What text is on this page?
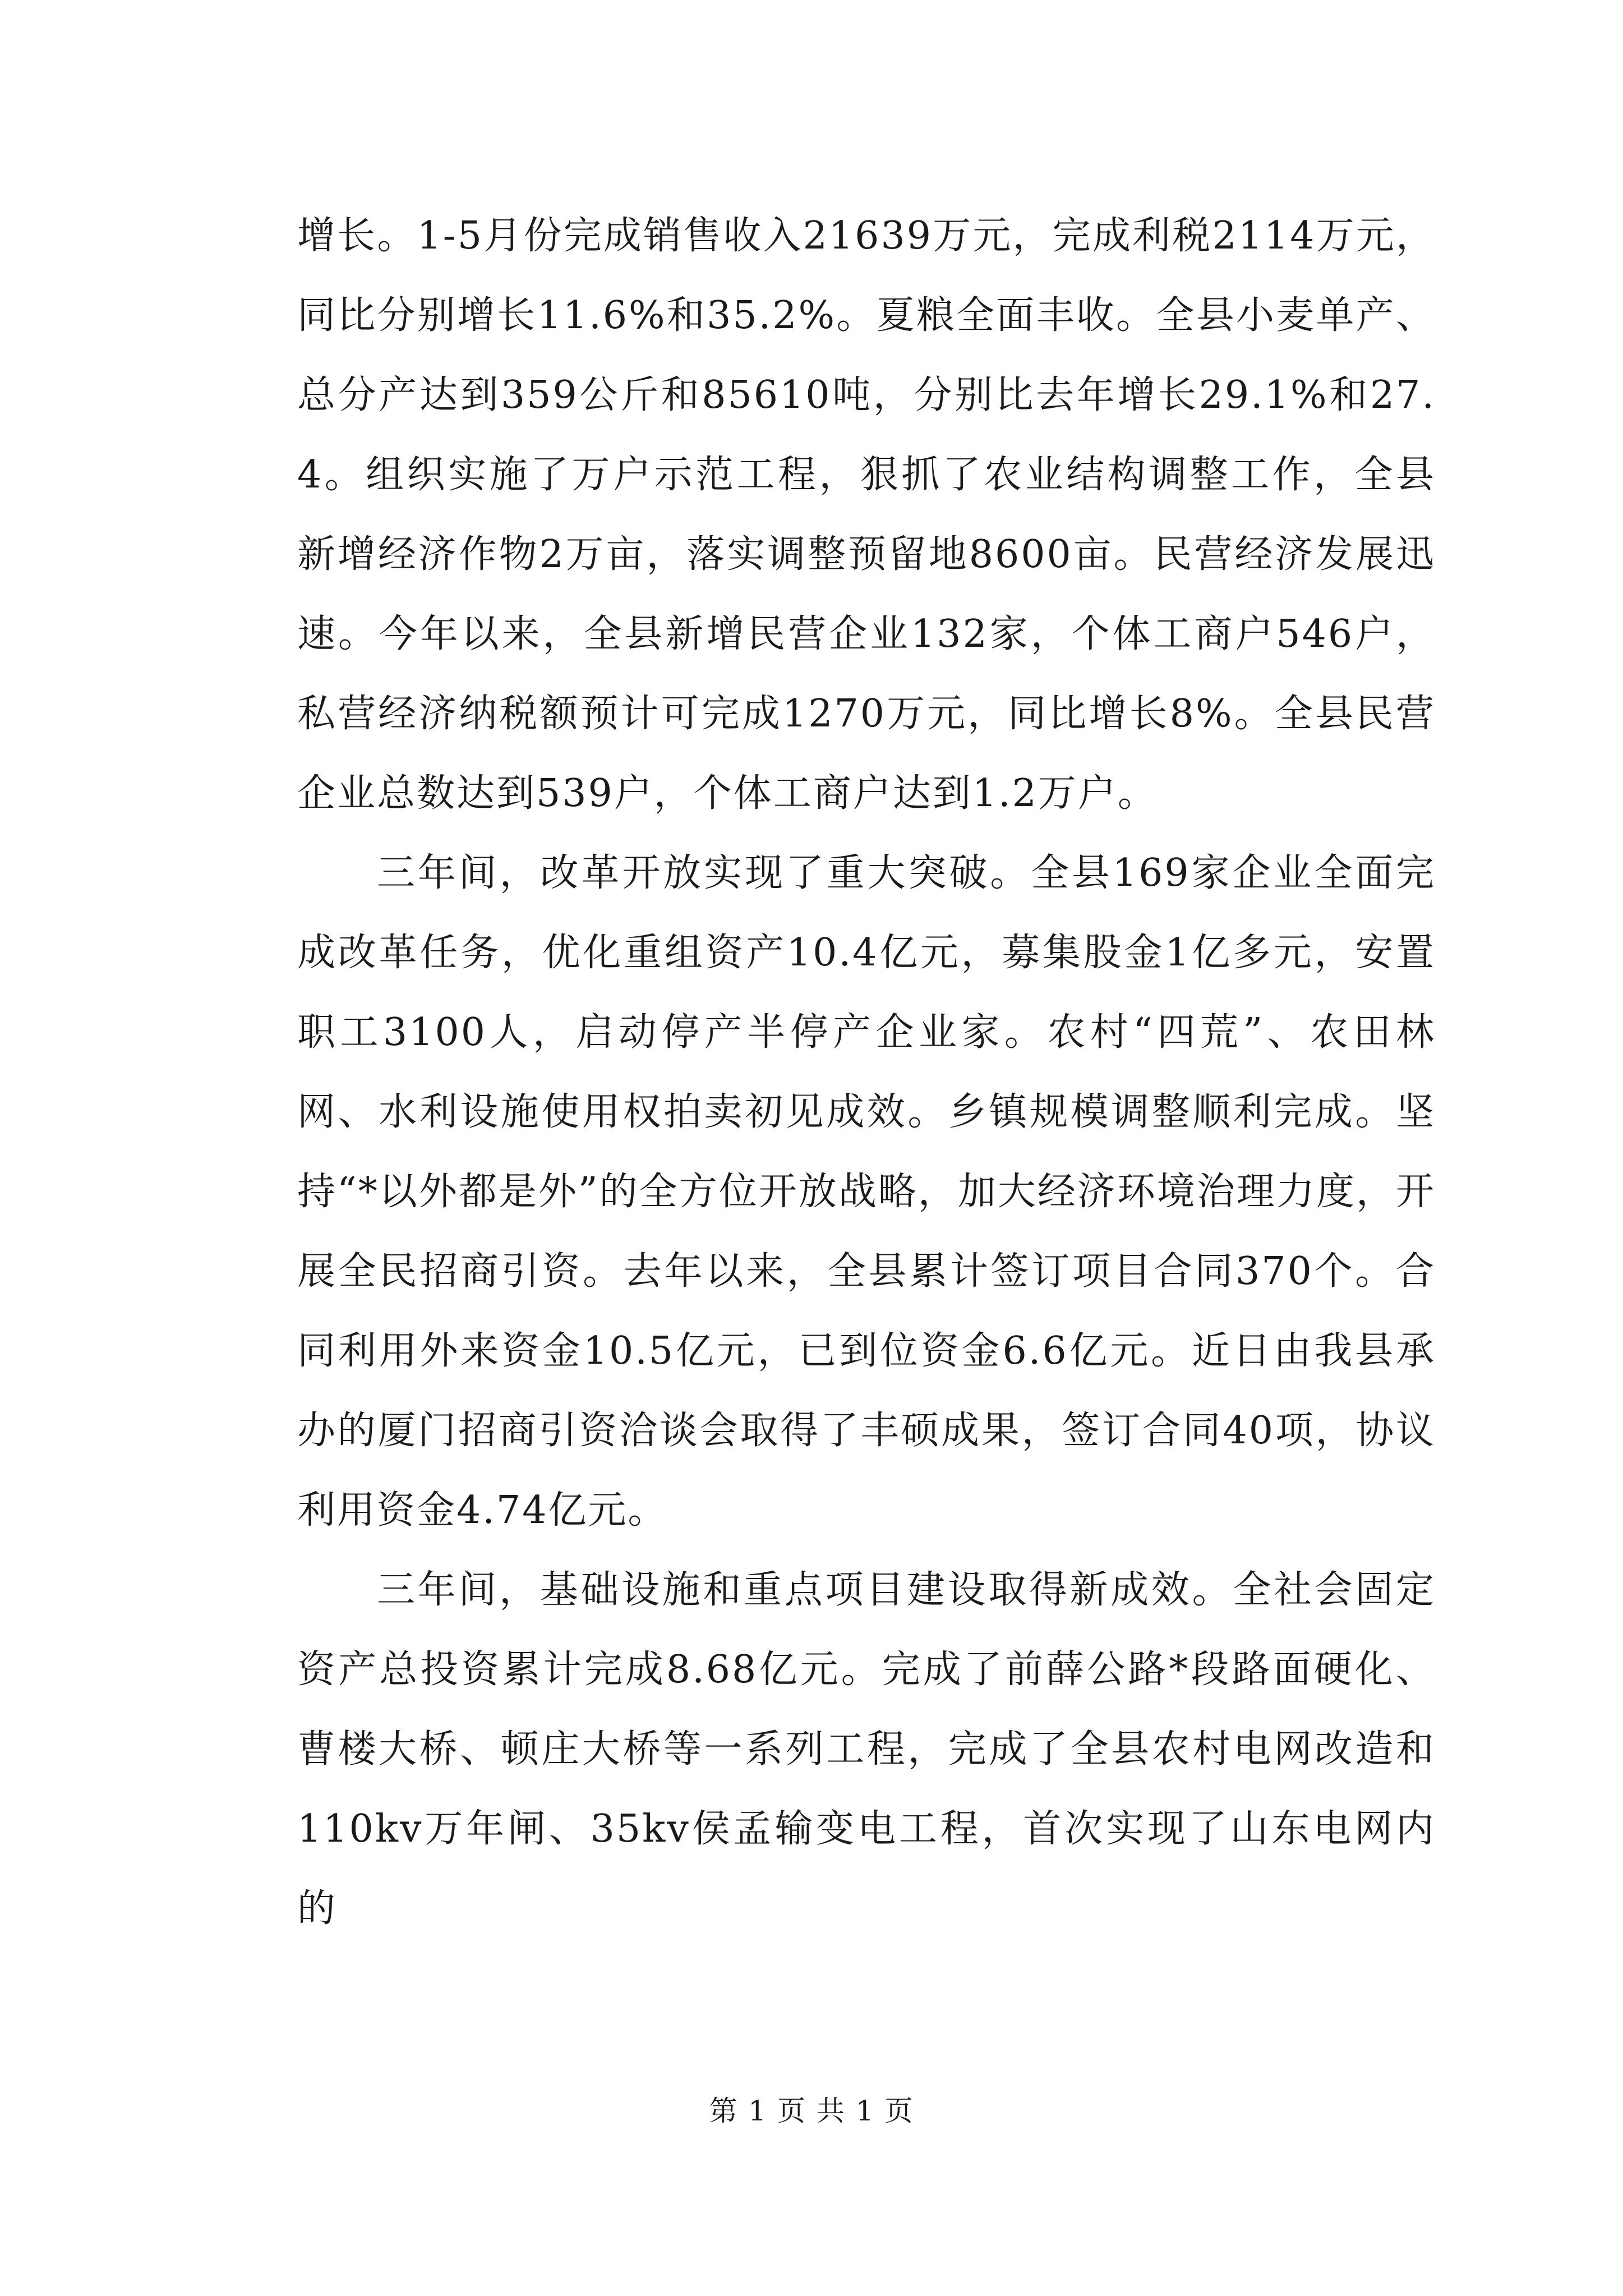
增长。1-5月份完成销售收入21639万元，完成利税2114万元，同比分别增长11.6%和35.2%。夏粮全面丰收。全县小麦单产、总分产达到359公斤和85610吨，分别比去年增长29.1%和27.4。组织实施了万户示范工程，狠抓了农业结构调整工作，全县新增经济作物2万亩，落实调整预留地8600亩。民营经济发展迅速。今年以来，全县新增民营企业132家，个体工商户546户，私营经济纳税额预计可完成1270万元，同比增长8%。全县民营企业总数达到539户，个体工商户达到1.2万户。

三年间，改革开放实现了重大突破。全县169家企业全面完成改革任务，优化重组资产10.4亿元，募集股金1亿多元，安置职工3100人，启动停产半停产企业家。农村“四荒”、农田林网、水利设施使用权拍卖初见成效。乡镇规模调整顺利完成。坚持“*以外都是外”的全方位开放战略，加大经济环境治理力度，开展全民招商引资。去年以来，全县累计签订项目合同370个。合同利用外来资金10.5亿元，已到位资金6.6亿元。近日由我县承办的厦门招商引资洽谈会取得了丰硕成果，签订合同40项，协议利用资金4.74亿元。

三年间，基础设施和重点项目建设取得新成效。全社会固定资产总投资累计完成8.68亿元。完成了前薛公路*段路面硬化、曹楼大桥、顿庄大桥等一系列工程，完成了全县农村电网改造和110kv万年闸、35kv侯孟输变电工程，首次实现了山东电网内的

第 1 页 共 1 页
